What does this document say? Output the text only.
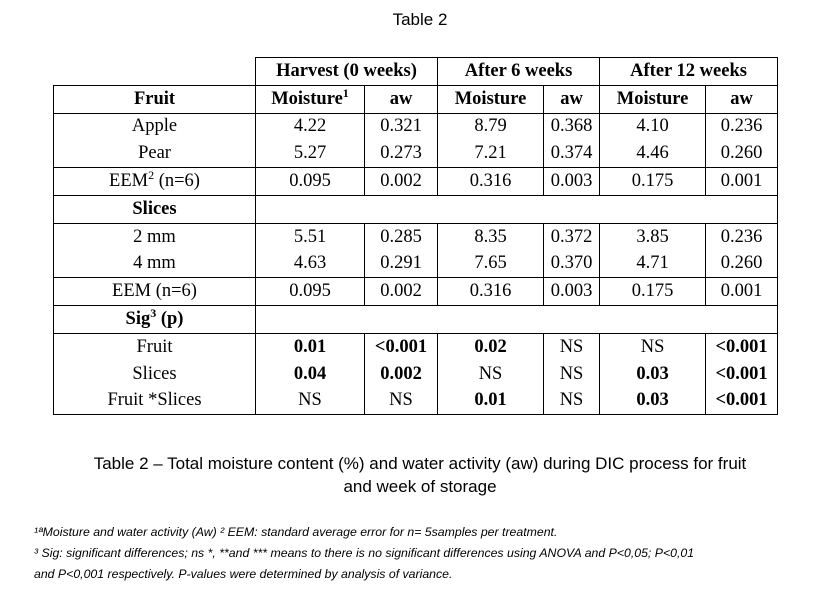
Table 2
	Harvest (0 weeks)		After 6 weeks		After 12 weeks	
Fruit	Moisture$^1$	aw	Moisture	aw	Moisture	aw
Apple	4.22	0.321	8.79	0.368	4.10	0.236
Pear	5.27	0.273	7.21	0.374	4.46	0.260
EEM$^2$ (n=6)	0.095	0.002	0.316	0.003	0.175	0.001
Slices						
2 mm	5.51	0.285	8.35	0.372	3.85	0.236
4 mm	4.63	0.291	7.65	0.370	4.71	0.260
EEM (n=6)	0.095	0.002	0.316	0.003	0.175	0.001
Sig$^3$ (p)						
Fruit	0.01	<0.001	0.02	NS	NS	<0.001
Slices	0.04	0.002	NS	NS	0.03	<0.001
Fruit *Slices	NS	NS	0.01	NS	0.03	<0.001
Table 2 – Total moisture content (%) and water activity (aw) during DIC process for fruit
and week of storage
¹ªMoisture and water activity (Aw) ² EEM: standard average error for n= 5samples per treatment.
³ Sig: significant differences; ns *, **and *** means to there is no significant differences using ANOVA and P<0,05; P<0,01
and P<0,001 respectively. P-values were determined by analysis of variance.
